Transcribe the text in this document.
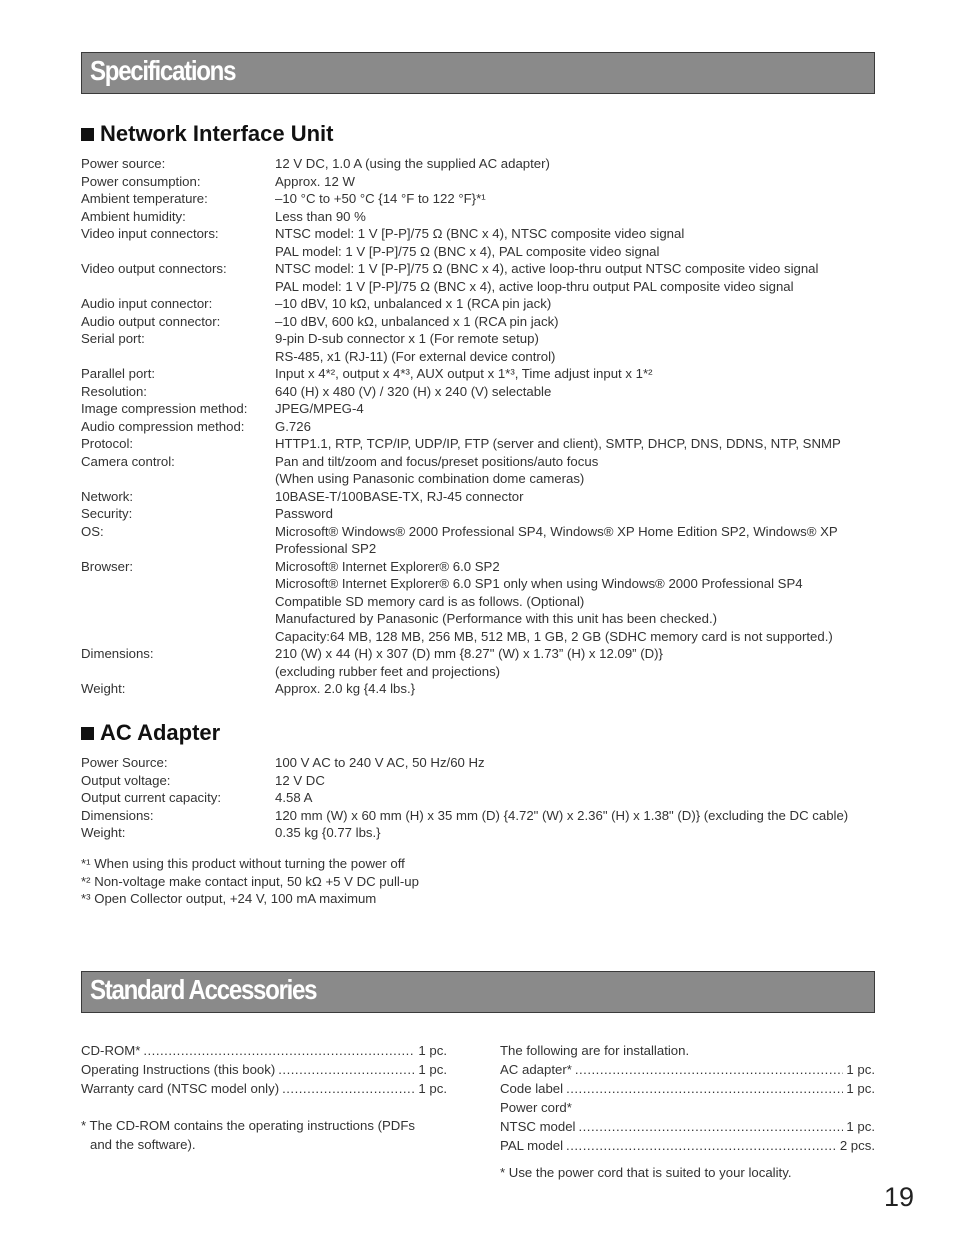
Specifications
Network Interface Unit
Power source:	12 V DC, 1.0 A (using the supplied AC adapter)
Power consumption:	Approx. 12 W
Ambient temperature:	–10 °C to +50 °C {14 °F to 122 °F}*¹
Ambient humidity:	Less than 90 %
Video input connectors:	NTSC model: 1 V [P-P]/75 Ω (BNC x 4), NTSC composite video signal
PAL model: 1 V [P-P]/75 Ω (BNC x 4), PAL composite video signal
Video output connectors:	NTSC model: 1 V [P-P]/75 Ω (BNC x 4), active loop-thru output NTSC composite video signal
PAL model: 1 V [P-P]/75 Ω (BNC x 4), active loop-thru output PAL composite video signal
Audio input connector:	–10 dBV, 10 kΩ, unbalanced x 1 (RCA pin jack)
Audio output connector:	–10 dBV, 600 kΩ, unbalanced x 1 (RCA pin jack)
Serial port:	9-pin D-sub connector x 1 (For remote setup)
RS-485, x1 (RJ-11) (For external device control)
Parallel port:	Input x 4*², output x 4*³, AUX output x 1*³, Time adjust input x 1*²
Resolution:	640 (H) x 480 (V) / 320 (H) x 240 (V) selectable
Image compression method:	JPEG/MPEG-4
Audio compression method:	G.726
Protocol:	HTTP1.1, RTP, TCP/IP, UDP/IP, FTP (server and client), SMTP, DHCP, DNS, DDNS, NTP, SNMP
Camera control:	Pan and tilt/zoom and focus/preset positions/auto focus
(When using Panasonic combination dome cameras)
Network:	10BASE-T/100BASE-TX, RJ-45 connector
Security:	Password
OS:	Microsoft® Windows® 2000 Professional SP4, Windows® XP Home Edition SP2, Windows® XP
Professional SP2
Browser:	Microsoft® Internet Explorer® 6.0 SP2
Microsoft® Internet Explorer® 6.0 SP1 only when using Windows® 2000 Professional SP4
Compatible SD memory card is as follows. (Optional)
Manufactured by Panasonic (Performance with this unit has been checked.)
Capacity:64 MB, 128 MB, 256 MB, 512 MB, 1 GB, 2 GB (SDHC memory card is not supported.)
Dimensions:	210 (W) x 44 (H) x 307 (D) mm {8.27" (W) x 1.73” (H) x 12.09” (D)}
(excluding rubber feet and projections)
Weight:	Approx. 2.0 kg {4.4 lbs.}
AC Adapter
Power Source:	100 V AC to 240 V AC, 50 Hz/60 Hz
Output voltage:	12 V DC
Output current capacity:	4.58 A
Dimensions:	120 mm (W) x 60 mm (H) x 35 mm (D) {4.72" (W) x 2.36" (H) x 1.38" (D)} (excluding the DC cable)
Weight:	0.35 kg {0.77 lbs.}
*¹ When using this product without turning the power off
*² Non-voltage make contact input, 50 kΩ +5 V DC pull-up
*³ Open Collector output, +24 V, 100 mA maximum
Standard Accessories
CD-ROM* .....	1 pc.
Operating Instructions (this book) .....	1 pc.
Warranty card (NTSC model only) .....	1 pc.
* The CD-ROM contains the operating instructions (PDFs
and the software).
The following are for installation.
AC adapter* .....	1 pc.
Code label .....	1 pc.
Power cord*
NTSC model .....	1 pc.
PAL model .....	2 pcs.
* Use the power cord that is suited to your locality.
19
